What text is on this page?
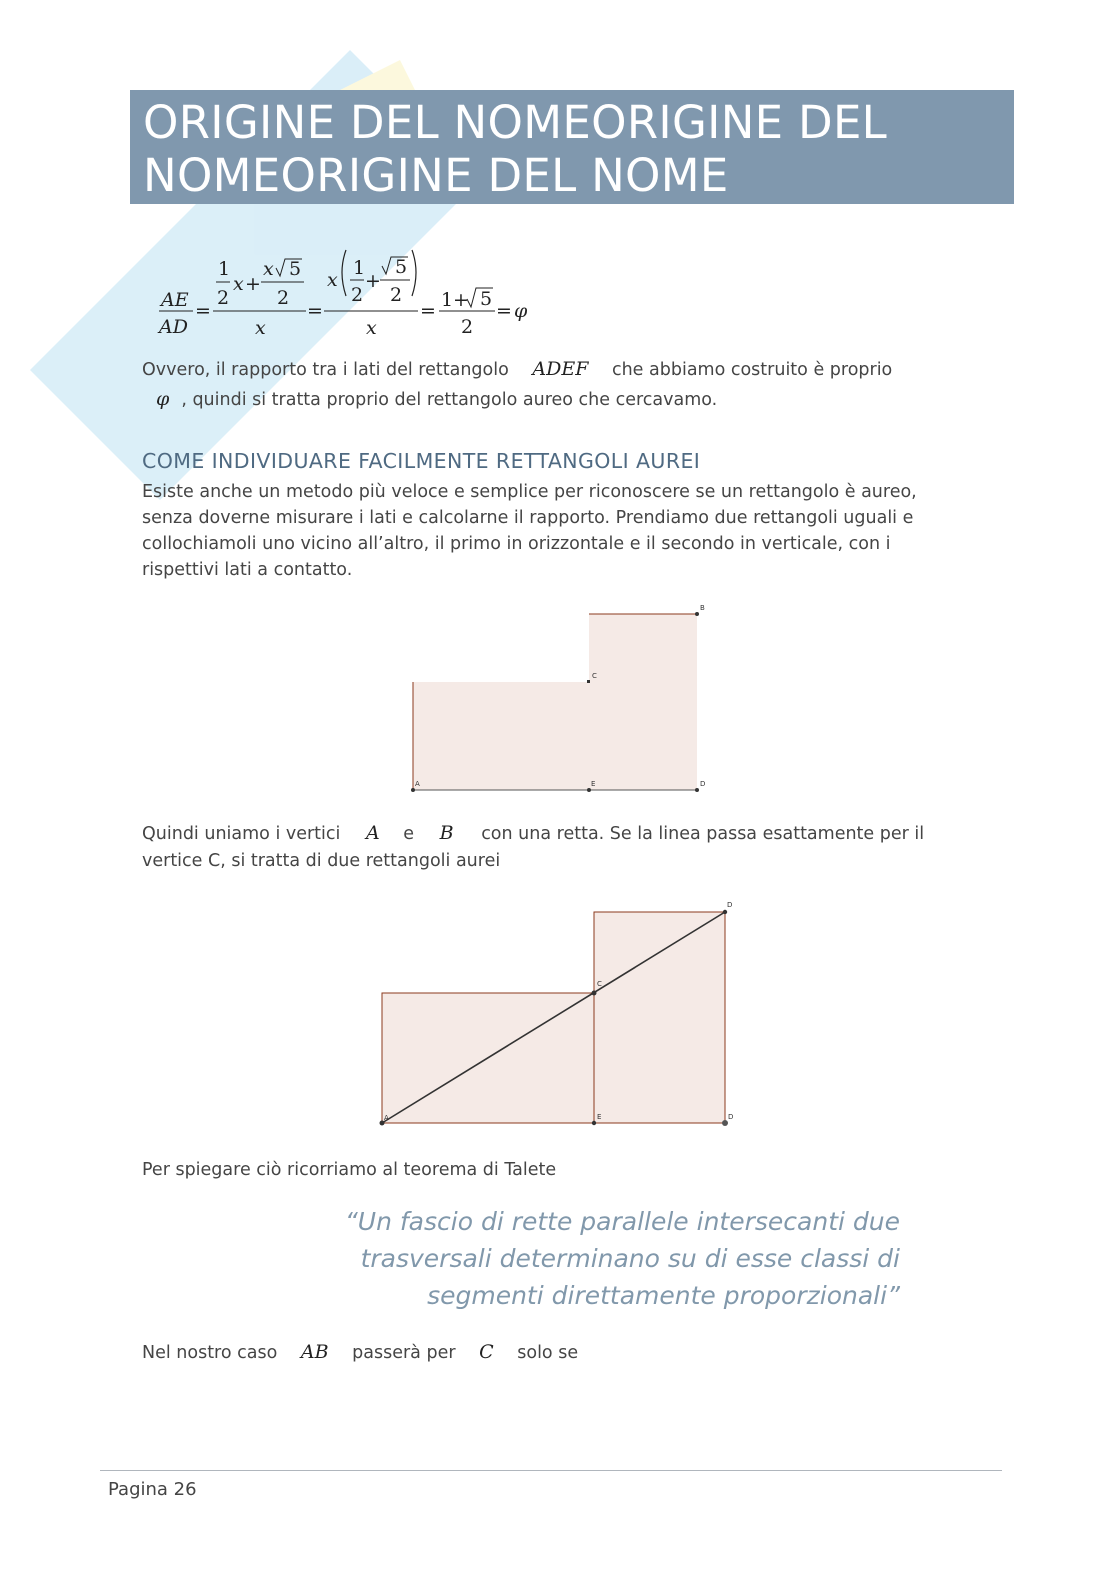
ORIGINE DEL NOMEORIGINE DEL NOMEORIGINE DEL NOME
AE
AD
=
1
2
x +
x 5
2
x
=
x
1
2
+
5
2
x
= 1 + 5
2
= φ
Ovvero, il rapporto tra i lati del rettangolo ADEF che abbiamo costruito è proprio
φ , quindi si tratta proprio del rettangolo aureo che cercavamo.
COME INDIVIDUARE FACILMENTE RETTANGOLI AUREI
Esiste anche un metodo più veloce e semplice per riconoscere se un rettangolo è aureo,
senza doverne misurare i lati e calcolarne il rapporto. Prendiamo due rettangoli uguali e
collochiamoli uno vicino all’altro, il primo in orizzontale e il secondo in verticale, con i
rispettivi lati a contatto.
B
C
A	E	D
Quindi uniamo i vertici A e B con una retta. Se la linea passa esattamente per il
vertice C, si tratta di due rettangoli aurei
D
C
A	E	D
Per spiegare ciò ricorriamo al teorema di Talete
“Un fascio di rette parallele intersecanti due
trasversali determinano su di esse classi di
segmenti direttamente proporzionali”
Nel nostro caso AB passerà per C solo se
Pagina 26
